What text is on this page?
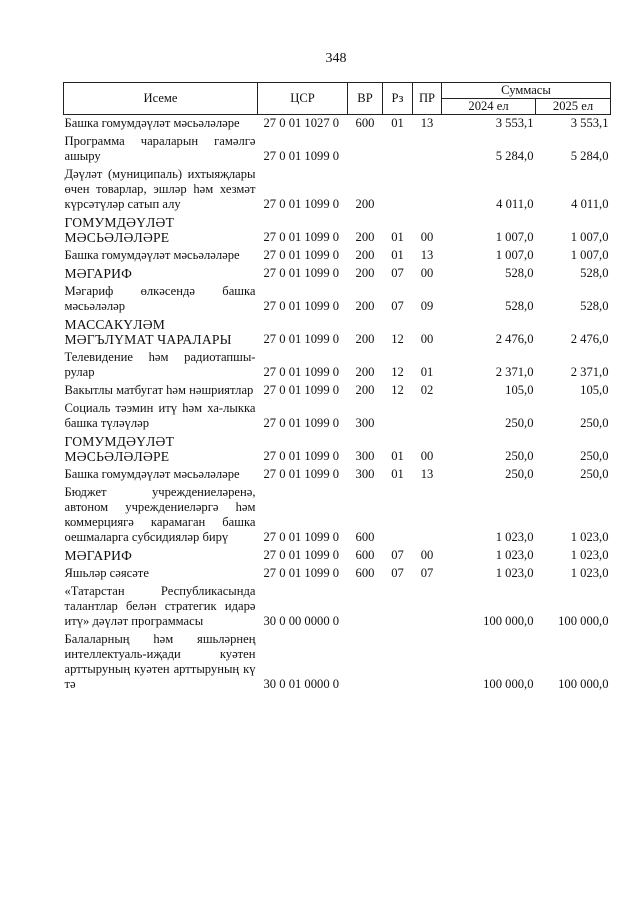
348
Исеме	ЦСР	ВР	Рз	ПР	Суммасы	
					2024 ел	2025 ел
Башка гомумдәүләт мәсьәләләре	27 0 01 1027 0	600	01	13	3 553,1	3 553,1
Программа чараларын гамәлгә ашыру	27 0 01 1099 0				5 284,0	5 284,0
Дәүләт (муниципаль) ихтыяҗлары өчен товарлар, эшләр һәм хезмәт күрсәтүләр сатып алу	27 0 01 1099 0	200			4 011,0	4 011,0
ГОМУМДӘҮЛӘТ МӘСЬӘЛӘЛӘРЕ	27 0 01 1099 0	200	01	00	1 007,0	1 007,0
Башка гомумдәүләт мәсьәләләре	27 0 01 1099 0	200	01	13	1 007,0	1 007,0
МӘГАРИФ	27 0 01 1099 0	200	07	00	528,0	528,0
Мәгариф өлкәсендә башка мәсьәләләр	27 0 01 1099 0	200	07	09	528,0	528,0
МАССАКҮЛӘМ МӘГЪЛҮМАТ ЧАРАЛАРЫ	27 0 01 1099 0	200	12	00	2 476,0	2 476,0
Телевидение һәм радиотапшы-рулар	27 0 01 1099 0	200	12	01	2 371,0	2 371,0
Вакытлы матбугат һәм нәшриятлар	27 0 01 1099 0	200	12	02	105,0	105,0
Социаль тәэмин итү һәм ха-лыкка башка түләүләр	27 0 01 1099 0	300			250,0	250,0
ГОМУМДӘҮЛӘТ МӘСЬӘЛӘЛӘРЕ	27 0 01 1099 0	300	01	00	250,0	250,0
Башка гомумдәүләт мәсьәләләре	27 0 01 1099 0	300	01	13	250,0	250,0
Бюджет учреждениеләренә, автоном учреждениеләргә һәм коммерциягә карамаган башка оешмаларга субсидияләр бирү	27 0 01 1099 0	600			1 023,0	1 023,0
МӘГАРИФ	27 0 01 1099 0	600	07	00	1 023,0	1 023,0
Яшьләр сәясәте	27 0 01 1099 0	600	07	07	1 023,0	1 023,0
«Татарстан Республикасында талантлар белән стратегик идарә итү» дәүләт программасы	30 0 00 0000 0				100 000,0	100 000,0
Балаларның һәм яшьләрнең интеллектуаль-иҗади куәтен арттыруның куәтен арттыруның кү тә	30 0 01 0000 0				100 000,0	100 000,0
